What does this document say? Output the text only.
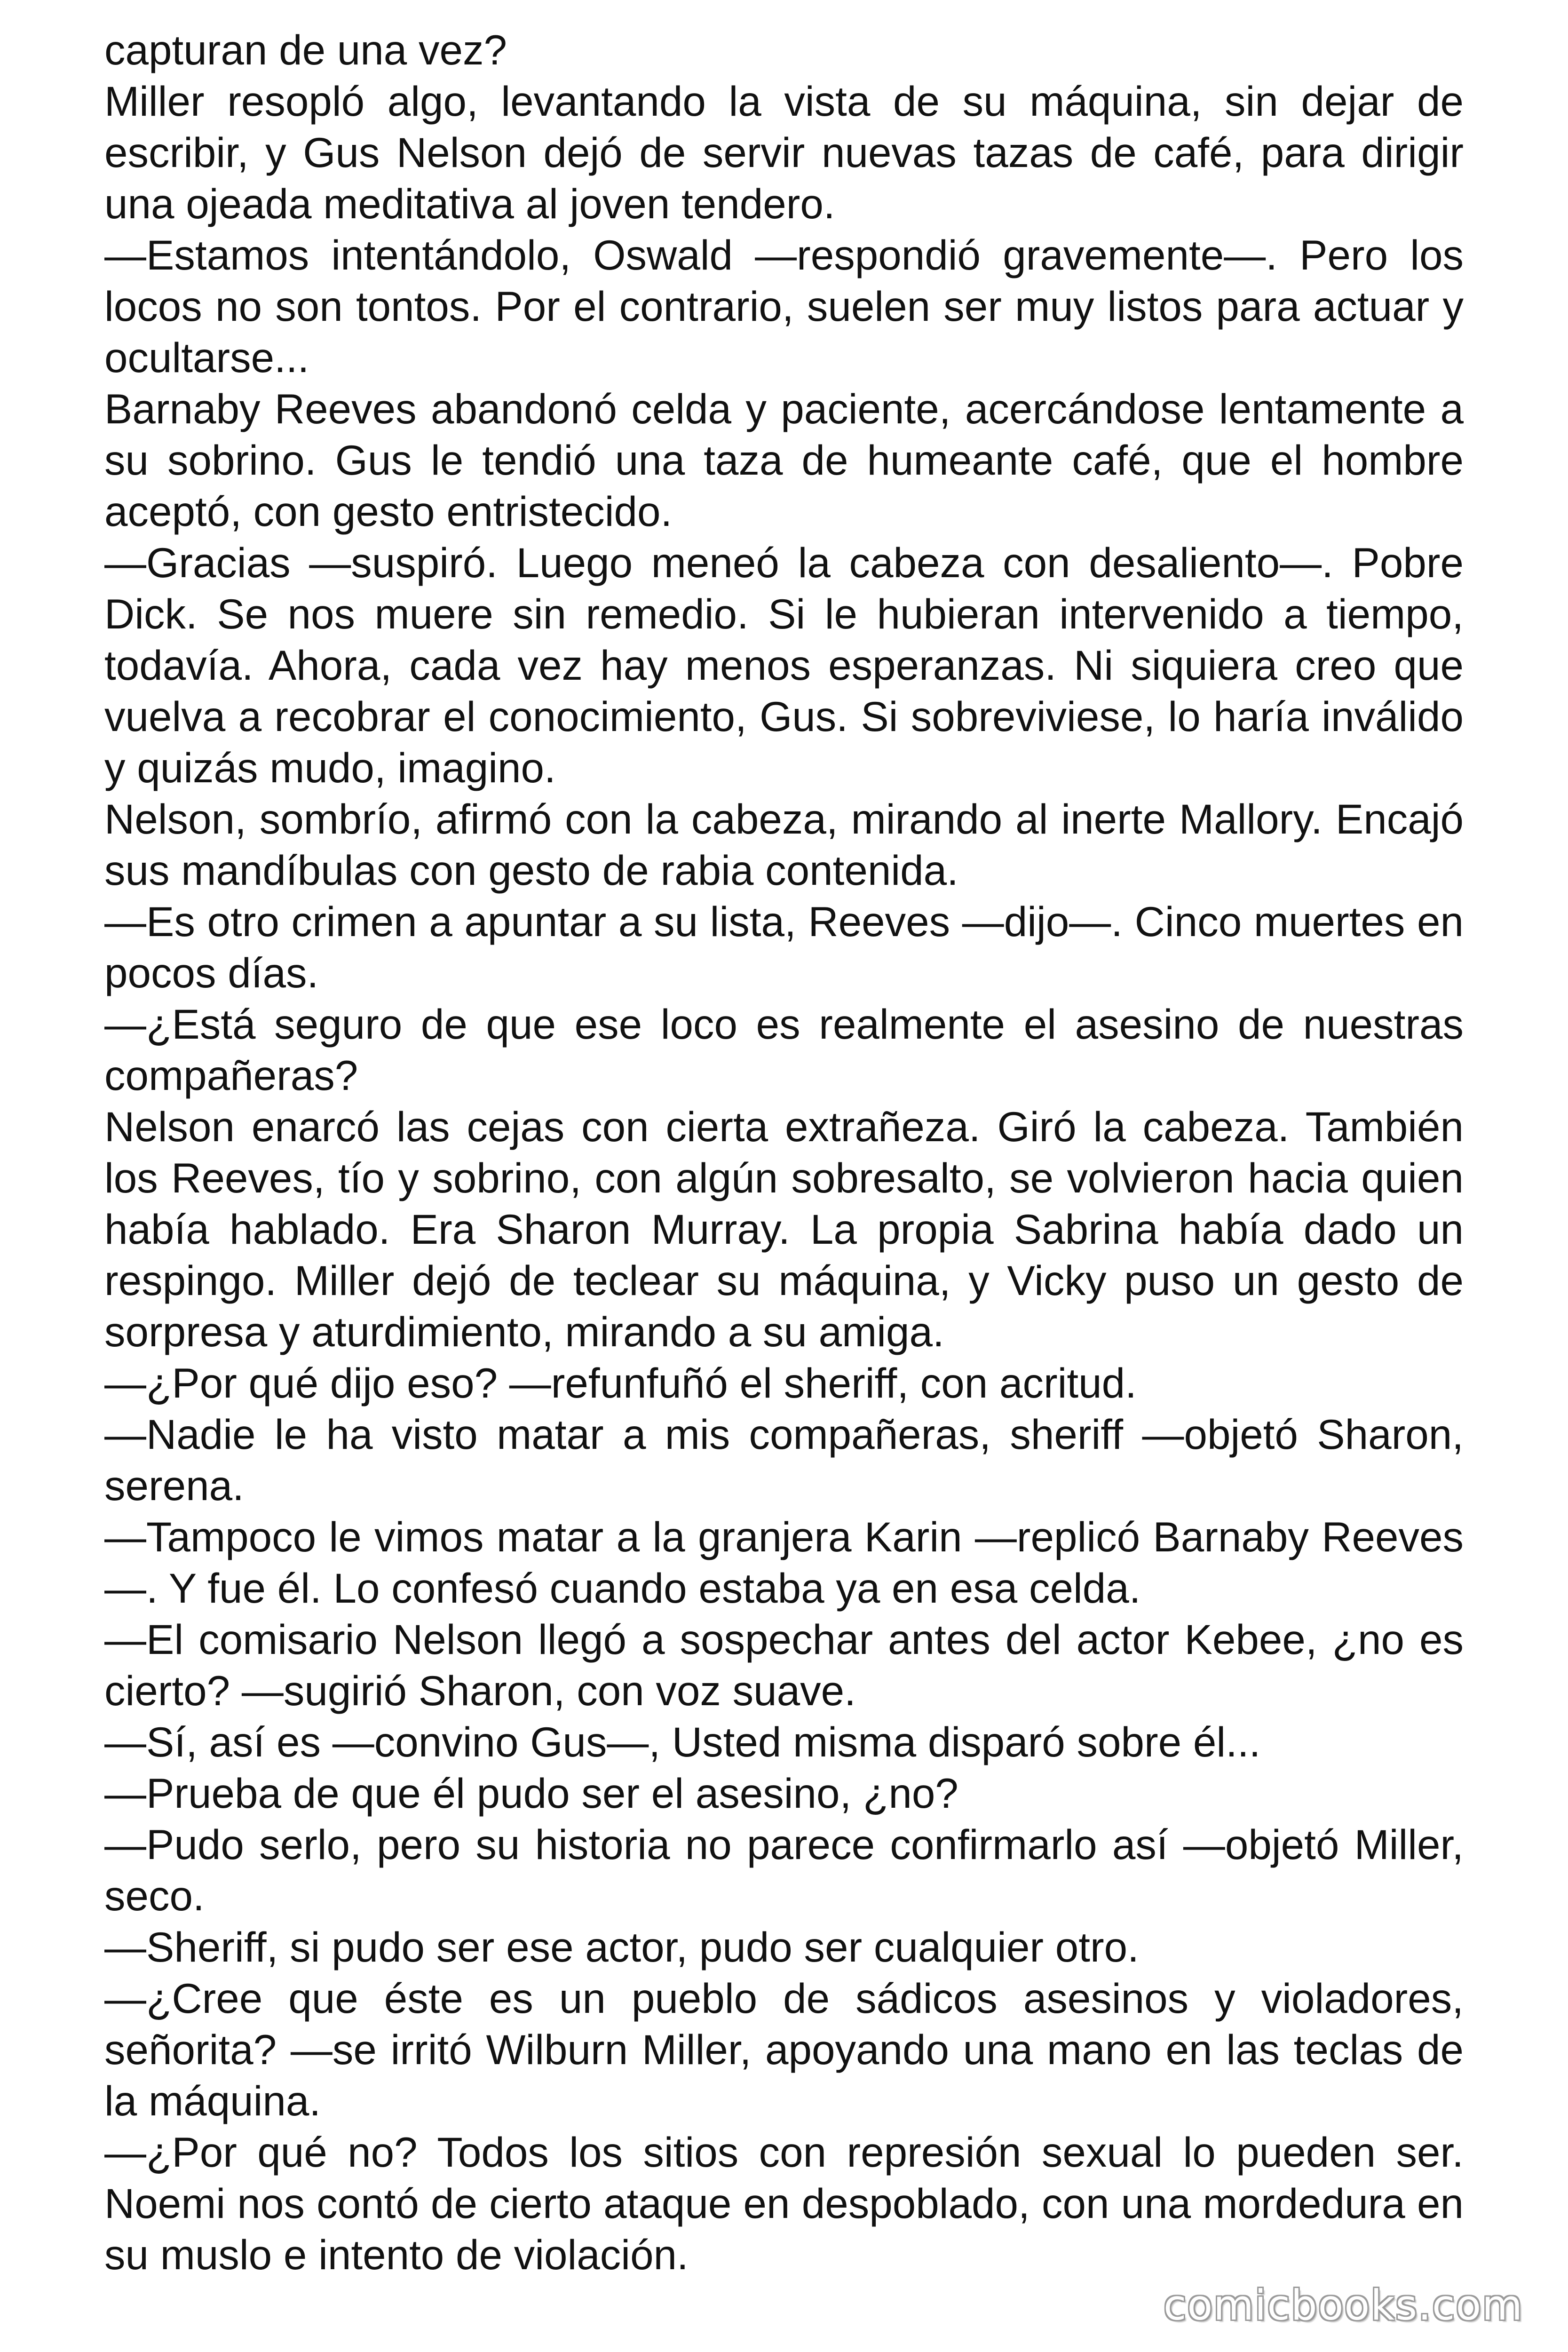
capturan de una vez?

Miller resopló algo, levantando la vista de su máquina, sin dejar de escribir, y Gus Nelson dejó de servir nuevas tazas de café, para dirigir una ojeada meditativa al joven tendero.

—Estamos intentándolo, Oswald —respondió gravemente—. Pero los locos no son tontos. Por el contrario, suelen ser muy listos para actuar y ocultarse...

Barnaby Reeves abandonó celda y paciente, acercándose lentamente a su sobrino. Gus le tendió una taza de humeante café, que el hombre aceptó, con gesto entristecido.

—Gracias —suspiró. Luego meneó la cabeza con desaliento—. Pobre Dick. Se nos muere sin remedio. Si le hubieran intervenido a tiempo, todavía. Ahora, cada vez hay menos esperanzas. Ni siquiera creo que vuelva a recobrar el conocimiento, Gus. Si sobreviviese, lo haría inválido y quizás mudo, imagino.

Nelson, sombrío, afirmó con la cabeza, mirando al inerte Mallory. Encajó sus mandíbulas con gesto de rabia contenida.

—Es otro crimen a apuntar a su lista, Reeves —dijo—. Cinco muertes en pocos días.

—¿Está seguro de que ese loco es realmente el asesino de nuestras compañeras?

Nelson enarcó las cejas con cierta extrañeza. Giró la cabeza. También los Reeves, tío y sobrino, con algún sobresalto, se volvieron hacia quien había hablado. Era Sharon Murray. La propia Sabrina había dado un respingo. Miller dejó de teclear su máquina, y Vicky puso un gesto de sorpresa y aturdimiento, mirando a su amiga.

—¿Por qué dijo eso? —refunfuñó el sheriff, con acritud.

—Nadie le ha visto matar a mis compañeras, sheriff —objetó Sharon, serena.

—Tampoco le vimos matar a la granjera Karin —replicó Barnaby Reeves—. Y fue él. Lo confesó cuando estaba ya en esa celda.

—El comisario Nelson llegó a sospechar antes del actor Kebee, ¿no es cierto? —sugirió Sharon, con voz suave.

—Sí, así es —convino Gus—, Usted misma disparó sobre él...

—Prueba de que él pudo ser el asesino, ¿no?

—Pudo serlo, pero su historia no parece confirmarlo así —objetó Miller, seco.

—Sheriff, si pudo ser ese actor, pudo ser cualquier otro.

—¿Cree que éste es un pueblo de sádicos asesinos y violadores, señorita? —se irritó Wilburn Miller, apoyando una mano en las teclas de la máquina.

—¿Por qué no? Todos los sitios con represión sexual lo pueden ser. Noemi nos contó de cierto ataque en despoblado, con una mordedura en su muslo e intento de violación.

comicbooks.com
